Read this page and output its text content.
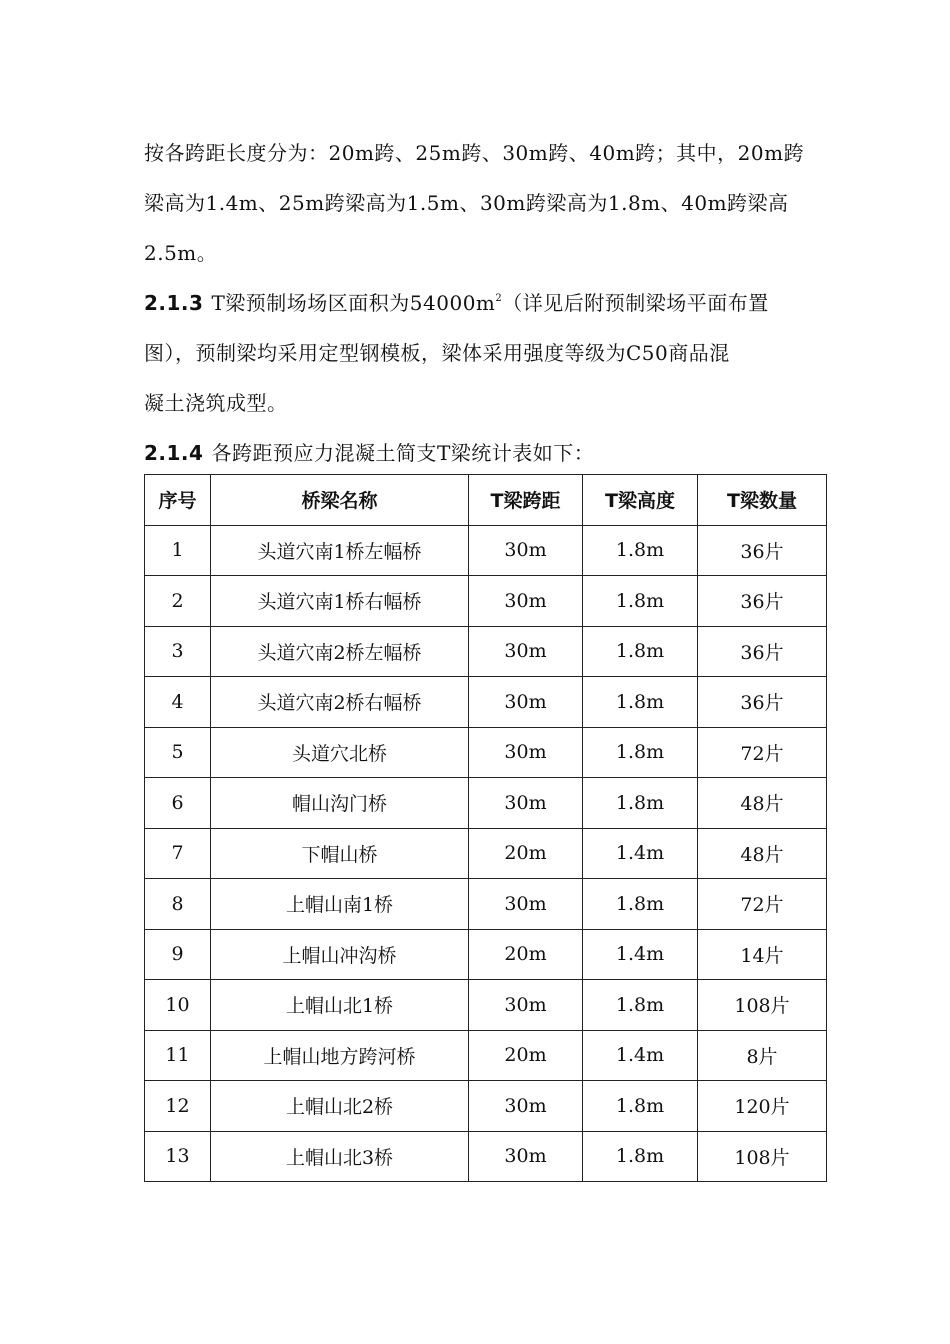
按各跨距长度分为：20m跨、25m跨、30m跨、40m跨；其中，20m跨
梁高为1.4m、25m跨梁高为1.5m、30m跨梁高为1.8m、40m跨梁高
2.5m。

2.1.3 T梁预制场场区面积为$54000m^2$（详见后附预制梁场平面布置
图），预制梁均采用定型钢模板，梁体采用强度等级为C50商品混
凝土浇筑成型。

2.1.4 各跨距预应力混凝土简支T梁统计表如下：

序号	桥梁名称	T梁跨距	T梁高度	T梁数量
1	头道穴南1桥左幅桥	30m	1.8m	36片
2	头道穴南1桥右幅桥	30m	1.8m	36片
3	头道穴南2桥左幅桥	30m	1.8m	36片
4	头道穴南2桥右幅桥	30m	1.8m	36片
5	头道穴北桥	30m	1.8m	72片
6	帽山沟门桥	30m	1.8m	48片
7	下帽山桥	20m	1.4m	48片
8	上帽山南1桥	30m	1.8m	72片
9	上帽山冲沟桥	20m	1.4m	14片
10	上帽山北1桥	30m	1.8m	108片
11	上帽山地方跨河桥	20m	1.4m	8片
12	上帽山北2桥	30m	1.8m	120片
13	上帽山北3桥	30m	1.8m	108片
